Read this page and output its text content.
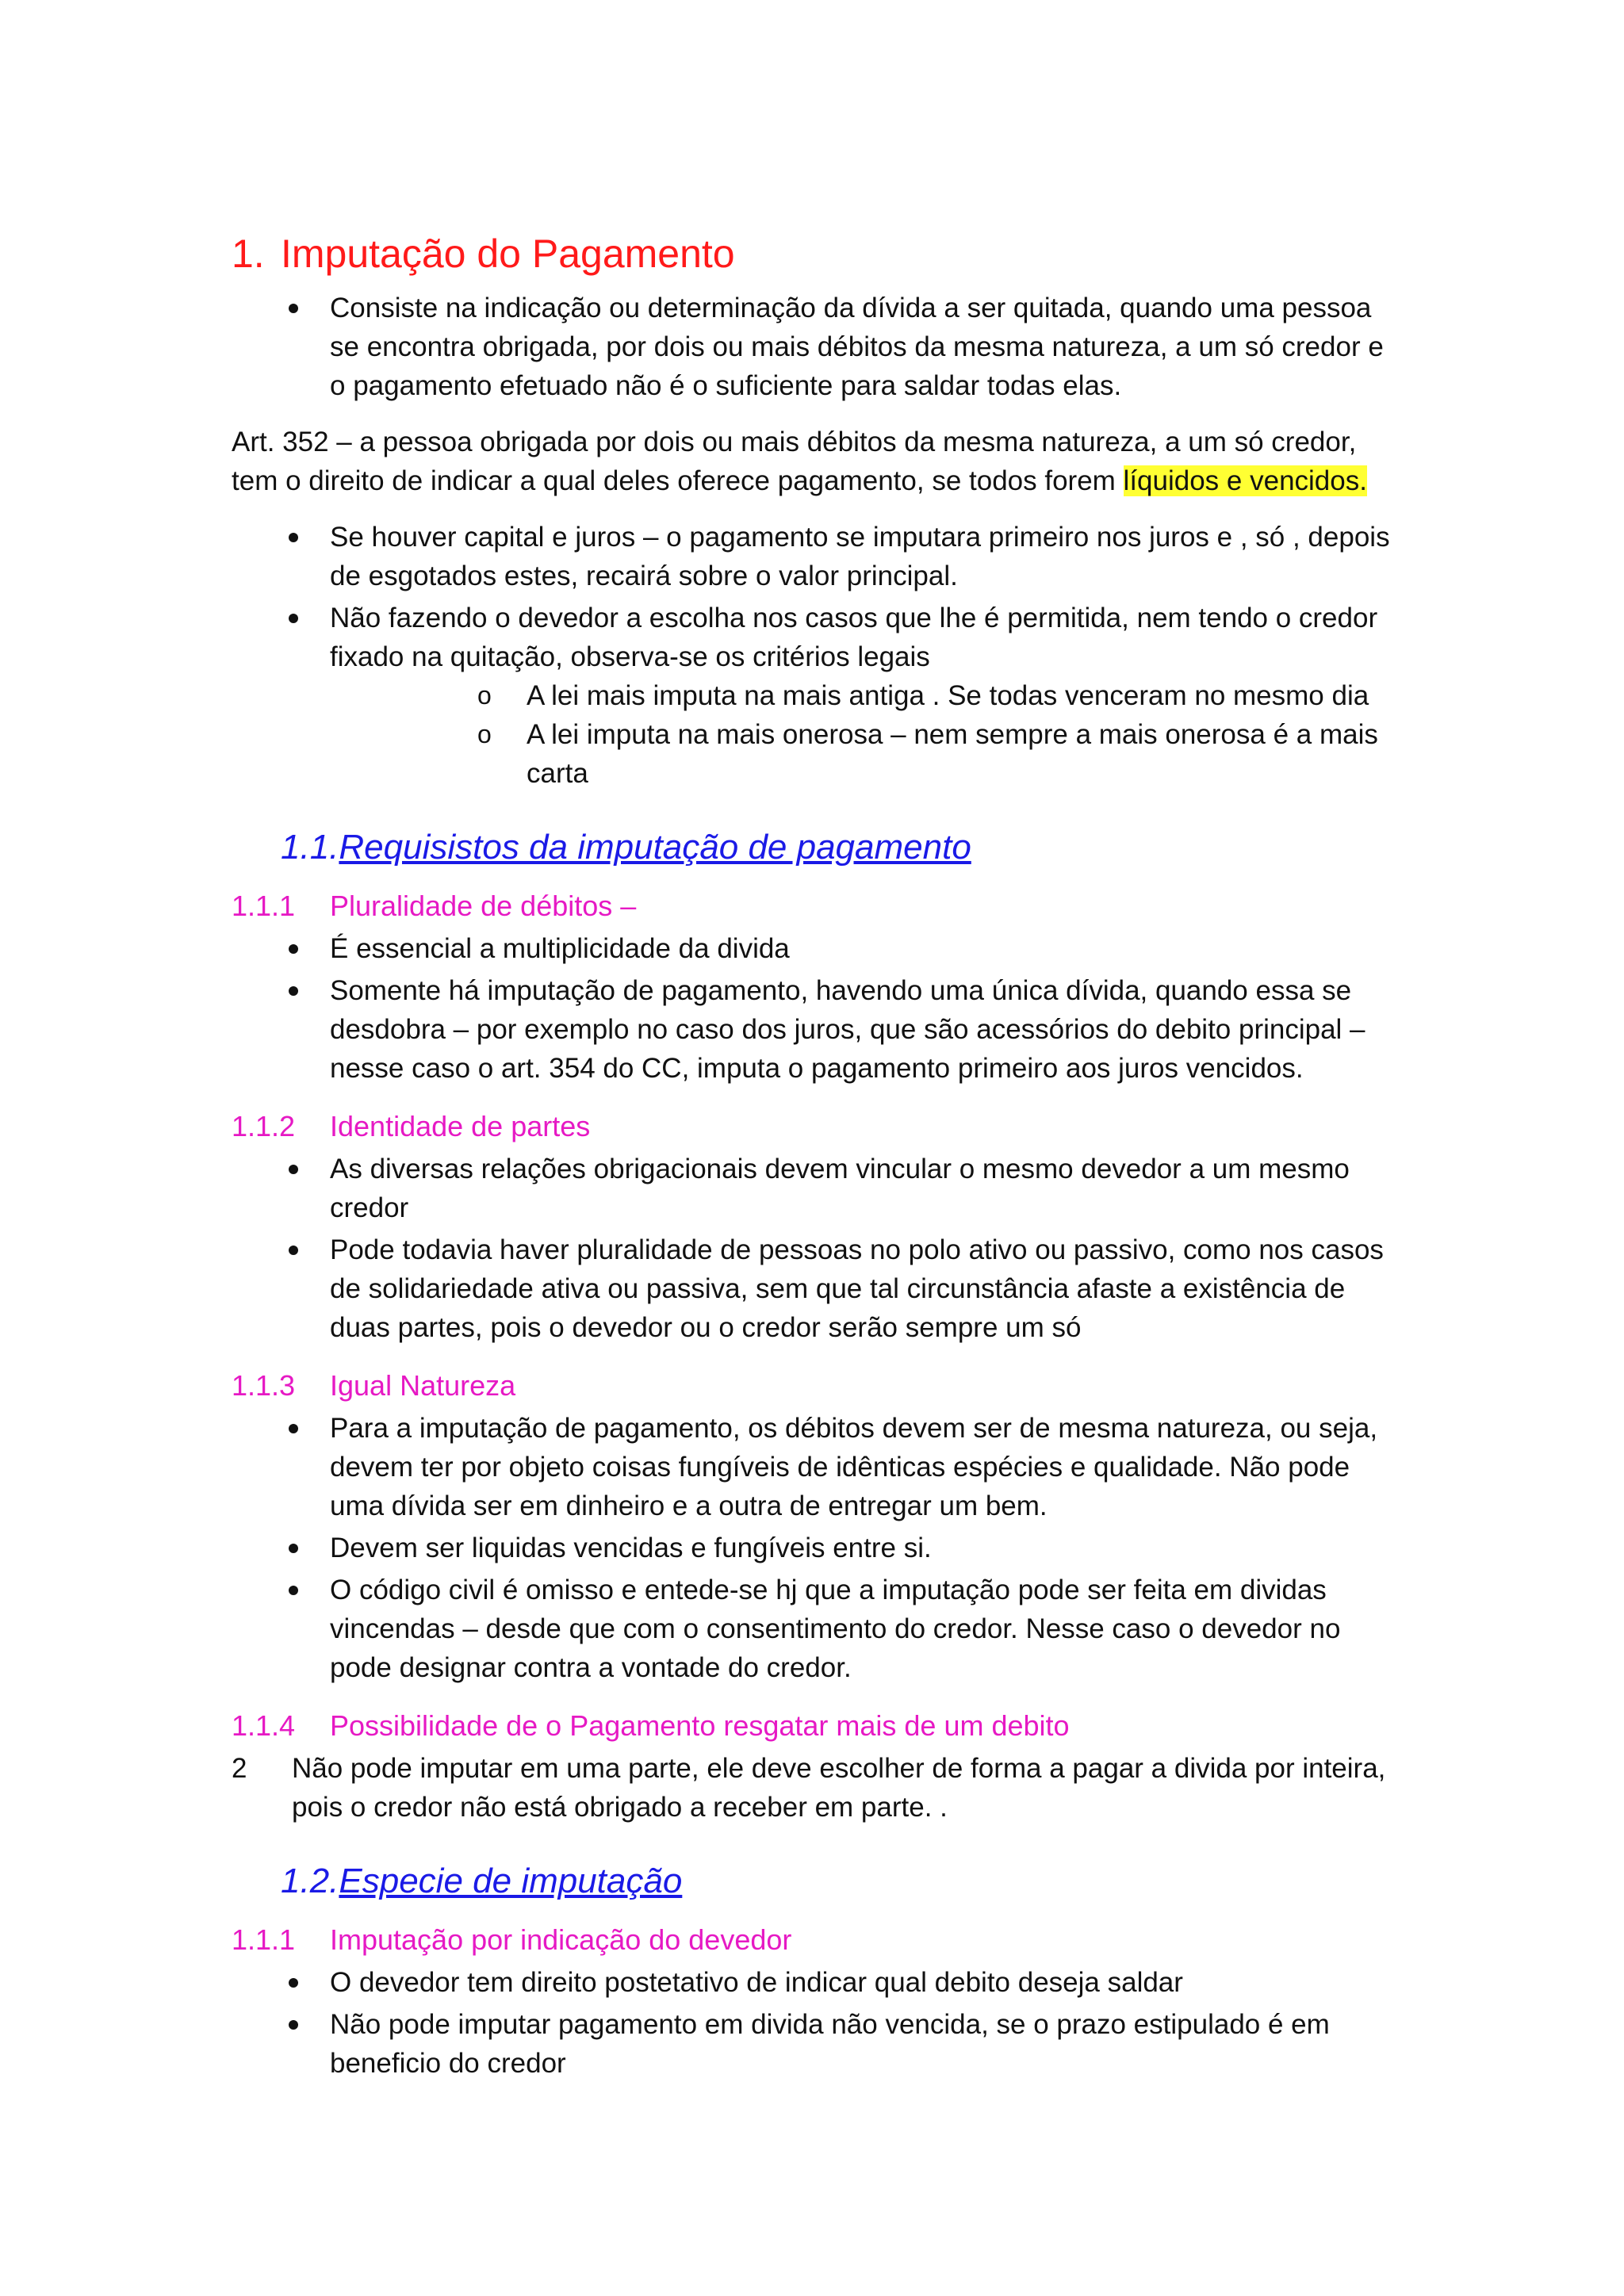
1. Imputação do Pagamento
Consiste na indicação ou determinação da dívida a ser quitada, quando uma pessoa se encontra obrigada, por dois ou mais débitos da mesma natureza, a um só credor e o pagamento efetuado não é o suficiente para saldar todas elas.

Art. 352 – a pessoa obrigada por dois ou mais débitos da mesma natureza, a um só credor, tem o direito de indicar a qual deles oferece pagamento, se todos forem líquidos e vencidos.

Se houver capital e juros – o pagamento se imputara primeiro nos juros e , só , depois de esgotados estes, recairá sobre o valor principal.
Não fazendo o devedor a escolha nos casos que lhe é permitida, nem tendo o credor fixado na quitação, observa-se os critérios legais
o A lei mais imputa na mais antiga . Se todas venceram no mesmo dia
o A lei imputa na mais onerosa – nem sempre a mais onerosa é a mais carta
1.1.Requisistos da imputação de pagamento
1.1.1 Pluralidade de débitos –
É essencial a multiplicidade da divida
Somente há imputação de pagamento, havendo uma única dívida, quando essa se desdobra – por exemplo no caso dos juros, que são acessórios do debito principal – nesse caso o art. 354 do CC, imputa o pagamento primeiro aos juros vencidos.
1.1.2 Identidade de partes
As diversas relações obrigacionais devem vincular o mesmo devedor a um mesmo credor
Pode todavia haver pluralidade de pessoas no polo ativo ou passivo, como nos casos de solidariedade ativa ou passiva, sem que tal circunstância afaste a existência de duas partes, pois o devedor ou o credor serão sempre um só
1.1.3 Igual Natureza
Para a imputação de pagamento, os débitos devem ser de mesma natureza, ou seja, devem ter por objeto coisas fungíveis de idênticas espécies e qualidade. Não pode uma dívida ser em dinheiro e a outra de entregar um bem.
Devem ser liquidas vencidas e fungíveis entre si.
O código civil é omisso e entede-se hj que a imputação pode ser feita em dividas vincendas – desde que com o consentimento do credor. Nesse caso o devedor no pode designar contra a vontade do credor.
1.1.4 Possibilidade de o Pagamento resgatar mais de um debito

2 Não pode imputar em uma parte, ele deve escolher de forma a pagar a divida por inteira, pois o credor não está obrigado a receber em parte. .

1.2.Especie de imputação
1.1.1 Imputação por indicação do devedor
O devedor tem direito postetativo de indicar qual debito deseja saldar
Não pode imputar pagamento em divida não vencida, se o prazo estipulado é em beneficio do credor
